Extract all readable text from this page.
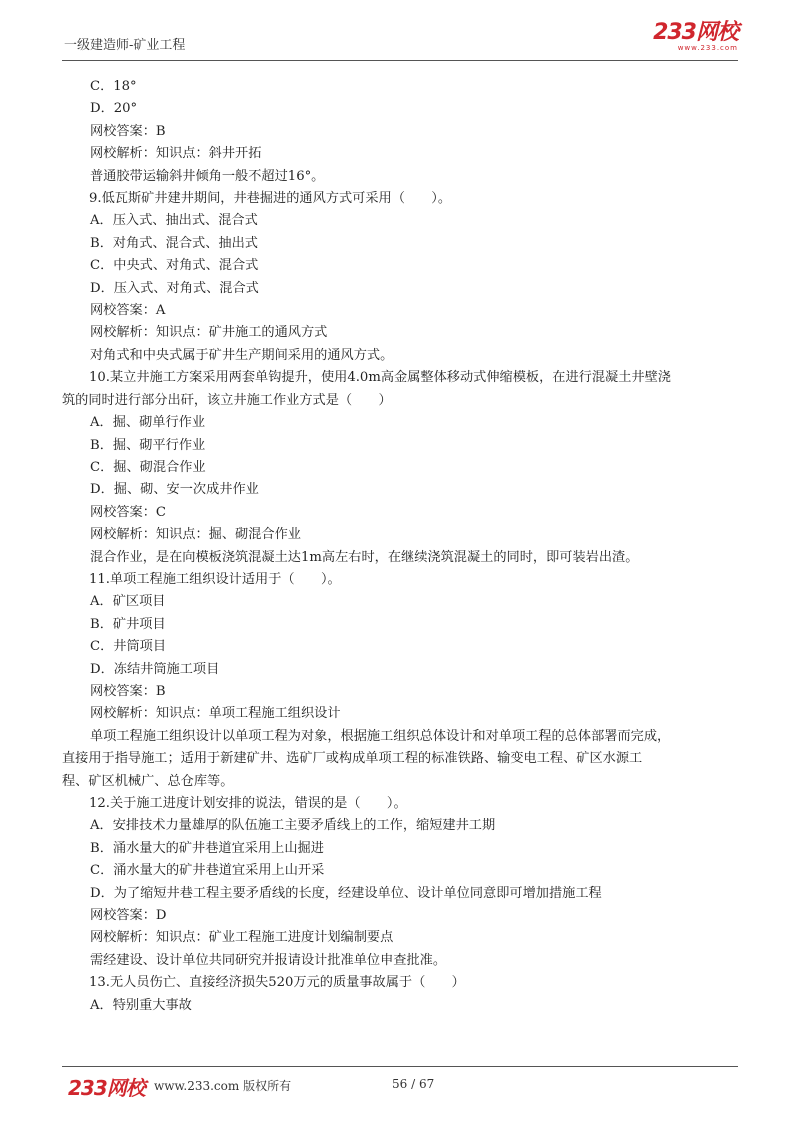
一级建造师-矿业工程
233网校
www.233.com
C．18°
D．20°
网校答案：B
网校解析：知识点：斜井开拓
普通胶带运输斜井倾角一般不超过16°。
9.低瓦斯矿井建井期间，井巷掘进的通风方式可采用（　　）。
A．压入式、抽出式、混合式
B．对角式、混合式、抽出式
C．中央式、对角式、混合式
D．压入式、对角式、混合式
网校答案：A
网校解析：知识点：矿井施工的通风方式
对角式和中央式属于矿井生产期间采用的通风方式。
10.某立井施工方案采用两套单钩提升，使用4.0m高金属整体移动式伸缩模板，在进行混凝土井壁浇
筑的同时进行部分出矸，该立井施工作业方式是（　　）
A．掘、砌单行作业
B．掘、砌平行作业
C．掘、砌混合作业
D．掘、砌、安一次成井作业
网校答案：C
网校解析：知识点：掘、砌混合作业
混合作业，是在向模板浇筑混凝土达1m高左右时，在继续浇筑混凝土的同时，即可装岩出渣。
11.单项工程施工组织设计适用于（　　）。
A．矿区项目
B．矿井项目
C．井筒项目
D．冻结井筒施工项目
网校答案：B
网校解析：知识点：单项工程施工组织设计
单项工程施工组织设计以单项工程为对象，根据施工组织总体设计和对单项工程的总体部署而完成，
直接用于指导施工；适用于新建矿井、选矿厂或构成单项工程的标准铁路、输变电工程、矿区水源工
程、矿区机械广、总仓库等。
12.关于施工进度计划安排的说法，错误的是（　　）。
A．安排技术力量雄厚的队伍施工主要矛盾线上的工作，缩短建井工期
B．涌水量大的矿井巷道宜采用上山掘进
C．涌水量大的矿井巷道宜采用上山开采
D．为了缩短井巷工程主要矛盾线的长度，经建设单位、设计单位同意即可增加措施工程
网校答案：D
网校解析：知识点：矿业工程施工进度计划编制要点
需经建设、设计单位共同研究并报请设计批准单位申查批准。
13.无人员伤亡、直接经济损失520万元的质量事故属于（　　）
A．特别重大事故
233网校 www.233.com 版权所有	56 / 67
